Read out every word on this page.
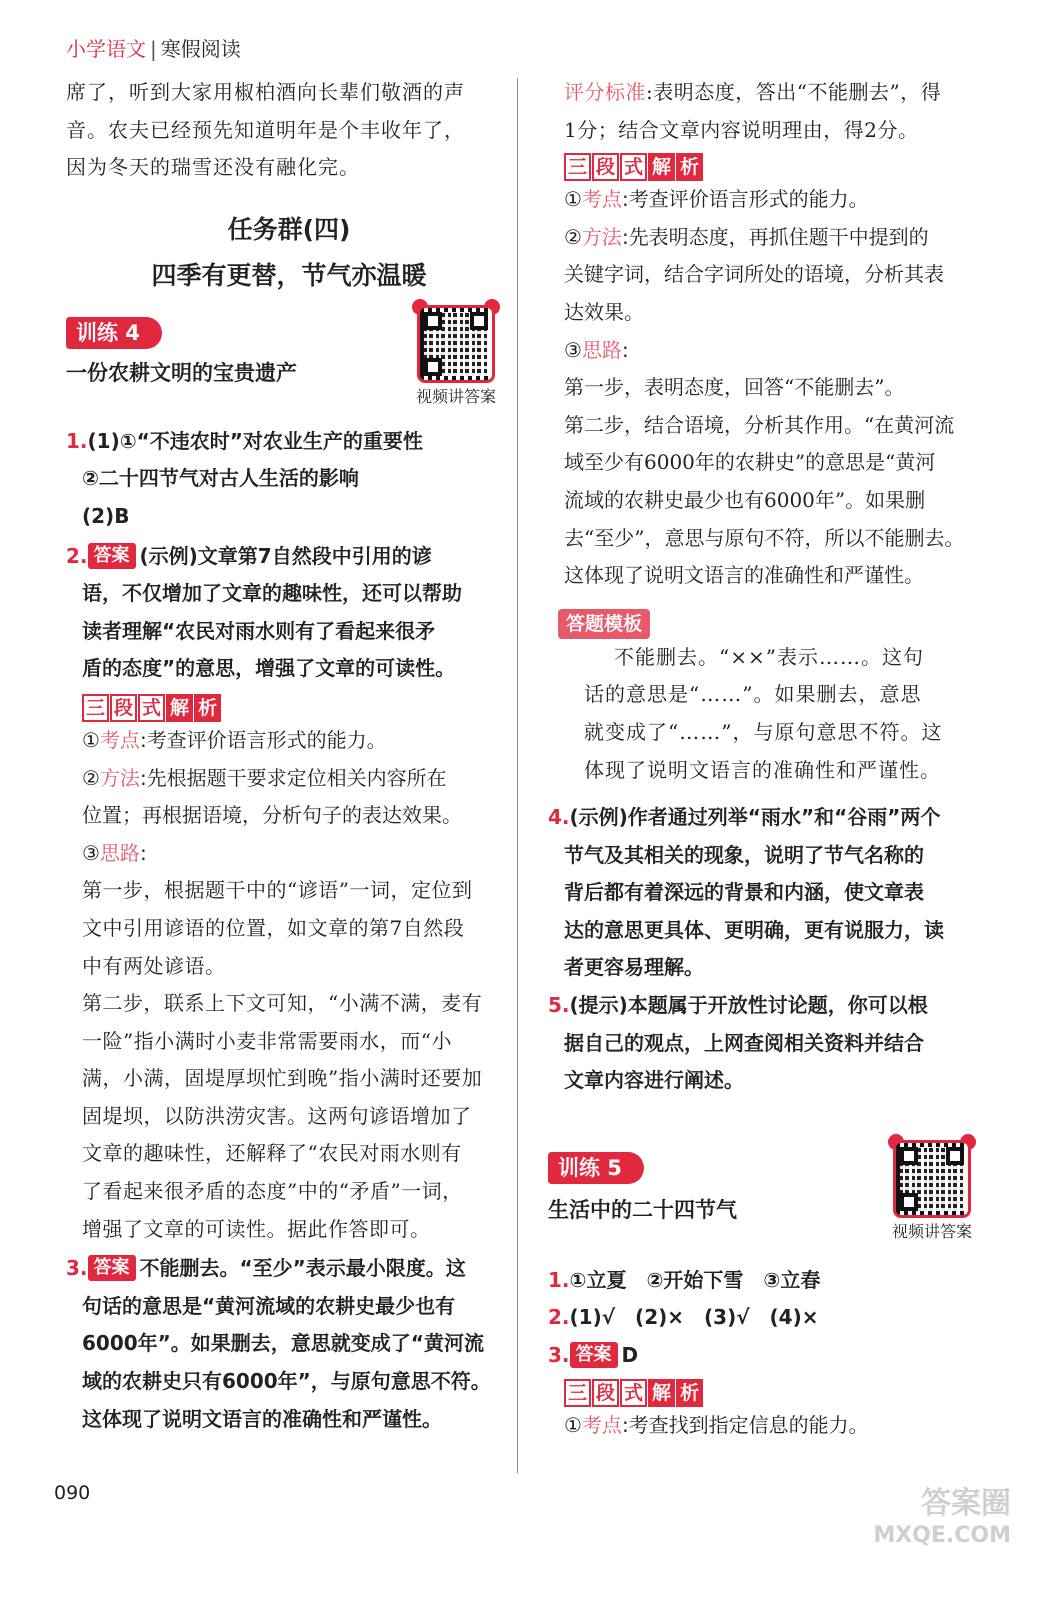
小学语文 | 寒假阅读
席了，听到大家用椒柏酒向长辈们敬酒的声
音。农夫已经预先知道明年是个丰收年了，
因为冬天的瑞雪还没有融化完。
任务群(四)
四季有更替，节气亦温暖
训练 4
一份农耕文明的宝贵遗产
视频讲答案
1.(1)①“不违农时”对农业生产的重要性
②二十四节气对古人生活的影响
(2)B
2. 答案 (示例)文章第7自然段中引用的谚
语，不仅增加了文章的趣味性，还可以帮助
读者理解“农民对雨水则有了看起来很矛
盾的态度”的意思，增强了文章的可读性。
三 段 式 解 析
①考点:考查评价语言形式的能力。
②方法:先根据题干要求定位相关内容所在
位置；再根据语境，分析句子的表达效果。
③思路:
第一步，根据题干中的“谚语”一词，定位到
文中引用谚语的位置，如文章的第7自然段
中有两处谚语。
第二步，联系上下文可知，“小满不满，麦有
一险”指小满时小麦非常需要雨水，而“小
满，小满，固堤厚坝忙到晚”指小满时还要加
固堤坝，以防洪涝灾害。这两句谚语增加了
文章的趣味性，还解释了“农民对雨水则有
了看起来很矛盾的态度”中的“矛盾”一词，
增强了文章的可读性。据此作答即可。
3. 答案 不能删去。“至少”表示最小限度。这
句话的意思是“黄河流域的农耕史最少也有
6000年”。如果删去，意思就变成了“黄河流
域的农耕史只有6000年”，与原句意思不符。
这体现了说明文语言的准确性和严谨性。
评分标准:表明态度，答出“不能删去”，得
1分；结合文章内容说明理由，得2分。
三 段 式 解 析
①考点:考查评价语言形式的能力。
②方法:先表明态度，再抓住题干中提到的
关键字词，结合字词所处的语境，分析其表
达效果。
③思路:
第一步，表明态度，回答“不能删去”。
第二步，结合语境，分析其作用。“在黄河流
域至少有6000年的农耕史”的意思是“黄河
流域的农耕史最少也有6000年”。如果删
去“至少”，意思与原句不符，所以不能删去。
这体现了说明文语言的准确性和严谨性。
答题模板
不能删去。“××”表示……。这句
话的意思是“……”。如果删去，意思
就变成了“……”，与原句意思不符。这
体现了说明文语言的准确性和严谨性。
4.(示例)作者通过列举“雨水”和“谷雨”两个
节气及其相关的现象，说明了节气名称的
背后都有着深远的背景和内涵，使文章表
达的意思更具体、更明确，更有说服力，读
者更容易理解。
5.(提示)本题属于开放性讨论题，你可以根
据自己的观点，上网查阅相关资料并结合
文章内容进行阐述。
训练 5
生活中的二十四节气
视频讲答案
1.①立夏　②开始下雪　③立春
2.(1)√　(2)×　(3)√　(4)×
3. 答案 D
三 段 式 解 析
①考点:考查找到指定信息的能力。
090	答案圈
MXQE.COM
